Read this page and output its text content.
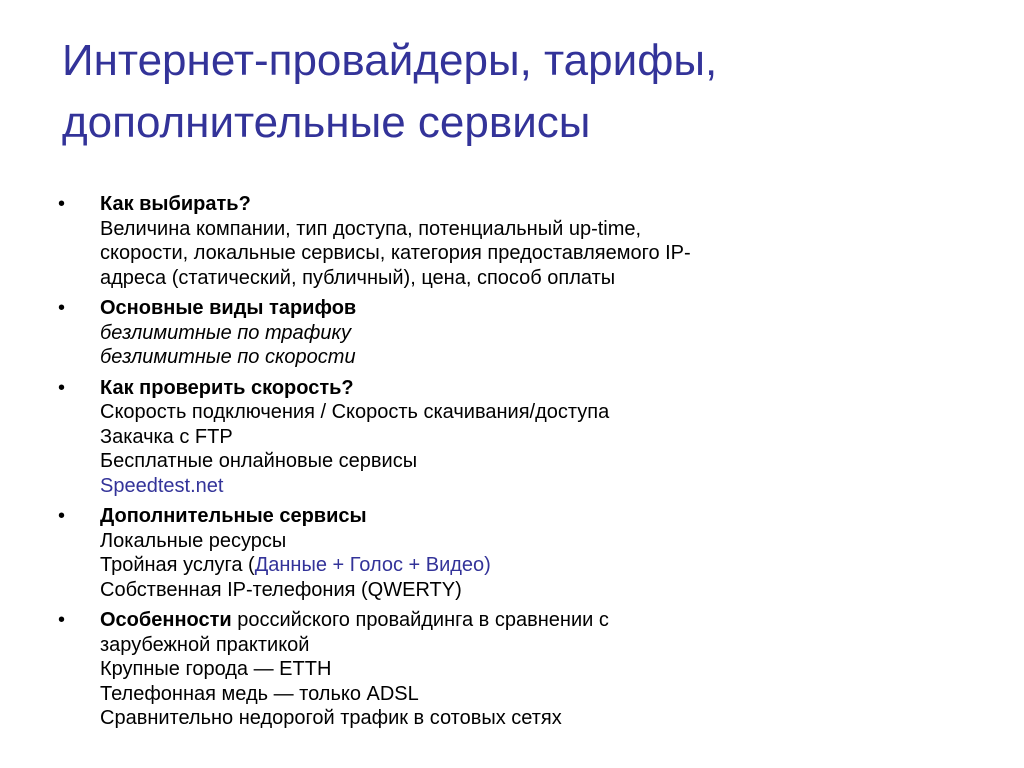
Интернет-провайдеры, тарифы,
дополнительные сервисы
•	Как выбирать?
Величина компании, тип доступа, потенциальный up-time,
скорости, локальные сервисы, категория предоставляемого IP-
адреса (статический, публичный), цена, способ оплаты
•	Основные виды тарифов
безлимитные по трафику
безлимитные по скорости
•	Как проверить скорость?
Скорость подключения / Скорость скачивания/доступа
Закачка с FTP
Бесплатные онлайновые сервисы
Speedtest.net
•	Дополнительные сервисы
Локальные ресурсы
Тройная услуга (Данные + Голос + Видео)
Собственная IP-телефония (QWERTY)
•	Особенности российского провайдинга в сравнении с
зарубежной практикой
Крупные города — ETTH
Телефонная медь — только ADSL
Сравнительно недорогой трафик в сотовых сетях
